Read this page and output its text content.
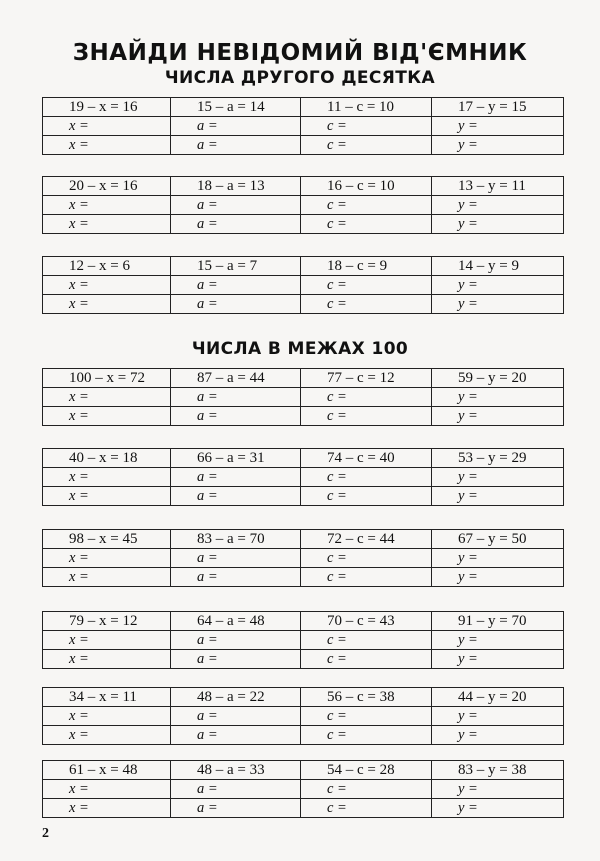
ЗНАЙДИ НЕВІДОМИЙ ВІД'ЄМНИК
ЧИСЛА ДРУГОГО ДЕСЯТКА
ЧИСЛА В МЕЖАХ 100
19 – x = 16	15 – a = 14	11 – c = 10	17 – y = 15
x =	a =	c =	y =
x =	a =	c =	y =
20 – x = 16	18 – a = 13	16 – c = 10	13 – y = 11
x =	a =	c =	y =
x =	a =	c =	y =
12 – x = 6	15 – a = 7	18 – c = 9	14 – y = 9
x =	a =	c =	y =
x =	a =	c =	y =
100 – x = 72	87 – a = 44	77 – c = 12	59 – y = 20
x =	a =	c =	y =
x =	a =	c =	y =
40 – x = 18	66 – a = 31	74 – c = 40	53 – y = 29
x =	a =	c =	y =
x =	a =	c =	y =
98 – x = 45	83 – a = 70	72 – c = 44	67 – y = 50
x =	a =	c =	y =
x =	a =	c =	y =
79 – x = 12	64 – a = 48	70 – c = 43	91 – y = 70
x =	a =	c =	y =
x =	a =	c =	y =
34 – x = 11	48 – a = 22	56 – c = 38	44 – y = 20
x =	a =	c =	y =
x =	a =	c =	y =
61 – x = 48	48 – a = 33	54 – c = 28	83 – y = 38
x =	a =	c =	y =
x =	a =	c =	y =
2
